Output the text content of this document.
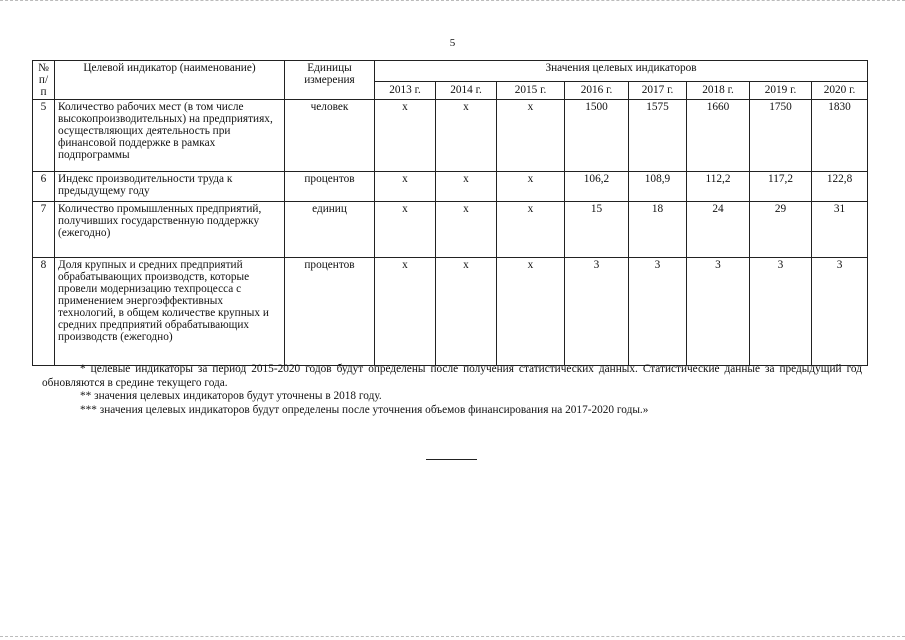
5
№ п/п	Целевой индикатор (наименование)	Единицы измерения	Значения целевых индикаторов							
			2013 г.	2014 г.	2015 г.	2016 г.	2017 г.	2018 г.	2019 г.	2020 г.
5	Количество рабочих мест (в том числе высокопроизводительных) на предприятиях, осуществляющих деятельность при финансовой поддержке в рамках подпрограммы	человек	х	х	х	1500	1575	1660	1750	1830
6	Индекс производительности труда к предыдущему году	процентов	х	х	х	106,2	108,9	112,2	117,2	122,8
7	Количество промышленных предприятий, получивших государственную поддержку (ежегодно)	единиц	х	х	х	15	18	24	29	31
8	Доля крупных и средних предприятий обрабатывающих производств, которые провели модернизацию техпроцесса с применением энергоэффективных технологий, в общем количестве крупных и средних предприятий обрабатывающих производств (ежегодно)	процентов	х	х	х	3	3	3	3	3

* целевые индикаторы за период 2015-2020 годов будут определены после получения статистических данных. Статистические данные за предыдущий год обновляются в средине текущего года.

** значения целевых индикаторов будут уточнены в 2018 году.

*** значения целевых индикаторов будут определены после уточнения объемов финансирования на 2017-2020 годы.»
